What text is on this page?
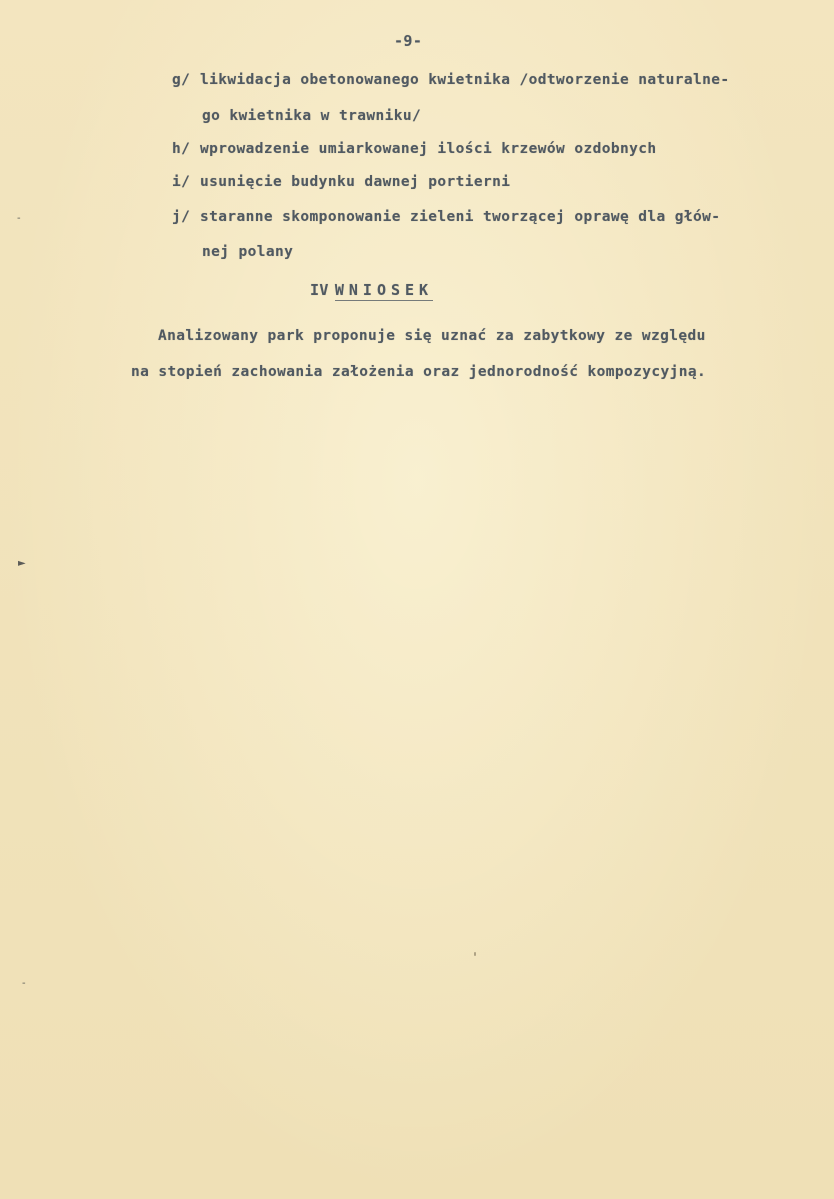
-9-
g/ likwidacja obetonowanego kwietnika /odtworzenie naturalne-
go kwietnika w trawniku/
h/ wprowadzenie umiarkowanej ilości krzewów ozdobnych
i/ usunięcie budynku dawnej portierni
j/ staranne skomponowanie zieleni tworzącej oprawę dla głów-
nej polany
IV WNIOSEK
Analizowany park proponuje się uznać za zabytkowy ze względu
na stopień zachowania założenia oraz jednorodność kompozycyjną.
-
►
-
